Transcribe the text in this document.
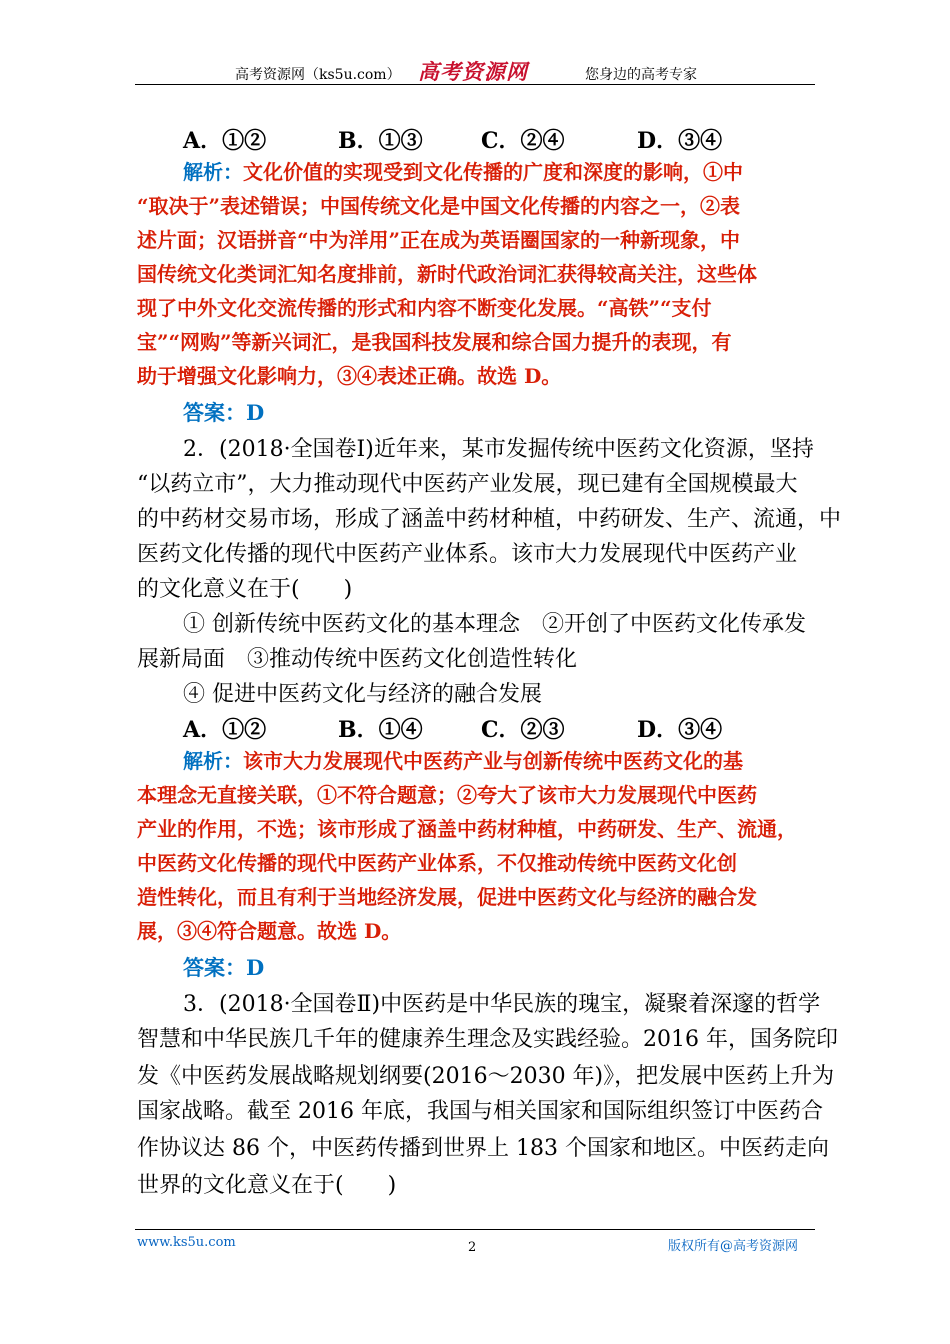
高考资源网（ks5u.com） 高考资源网	您身边的高考专家
A．①②	B．①③	C．②④	D．③④
解析：文化价值的实现受到文化传播的广度和深度的影响，①中
“取决于”表述错误；中国传统文化是中国文化传播的内容之一，②表
述片面；汉语拼音“中为洋用”正在成为英语圈国家的一种新现象，中
国传统文化类词汇知名度排前，新时代政治词汇获得较高关注，这些体
现了中外文化交流传播的形式和内容不断变化发展。“高铁”“支付
宝”“网购”等新兴词汇，是我国科技发展和综合国力提升的表现，有
助于增强文化影响力，③④表述正确。故选 D。
答案：D
2．(2018·全国卷Ⅰ)近年来，某市发掘传统中医药文化资源，坚持
“以药立市”，大力推动现代中医药产业发展，现已建有全国规模最大
的中药材交易市场，形成了涵盖中药材种植，中药研发、生产、流通，中
医药文化传播的现代中医药产业体系。该市大力发展现代中医药产业
的文化意义在于(　　)
① 创新传统中医药文化的基本理念　②开创了中医药文化传承发
展新局面　③推动传统中医药文化创造性转化
④ 促进中医药文化与经济的融合发展
A．①②	B．①④	C．②③	D．③④
解析：该市大力发展现代中医药产业与创新传统中医药文化的基
本理念无直接关联，①不符合题意；②夸大了该市大力发展现代中医药
产业的作用，不选；该市形成了涵盖中药材种植，中药研发、生产、流通，
中医药文化传播的现代中医药产业体系，不仅推动传统中医药文化创
造性转化，而且有利于当地经济发展，促进中医药文化与经济的融合发
展，③④符合题意。故选 D。
答案：D
3．(2018·全国卷Ⅱ)中医药是中华民族的瑰宝，凝聚着深邃的哲学
智慧和中华民族几千年的健康养生理念及实践经验。2016 年，国务院印
发《中医药发展战略规划纲要(2016～2030 年)》，把发展中医药上升为
国家战略。截至 2016 年底，我国与相关国家和国际组织签订中医药合
作协议达 86 个，中医药传播到世界上 183 个国家和地区。中医药走向
世界的文化意义在于(　　)
www.ks5u.com	2	版权所有@高考资源网
